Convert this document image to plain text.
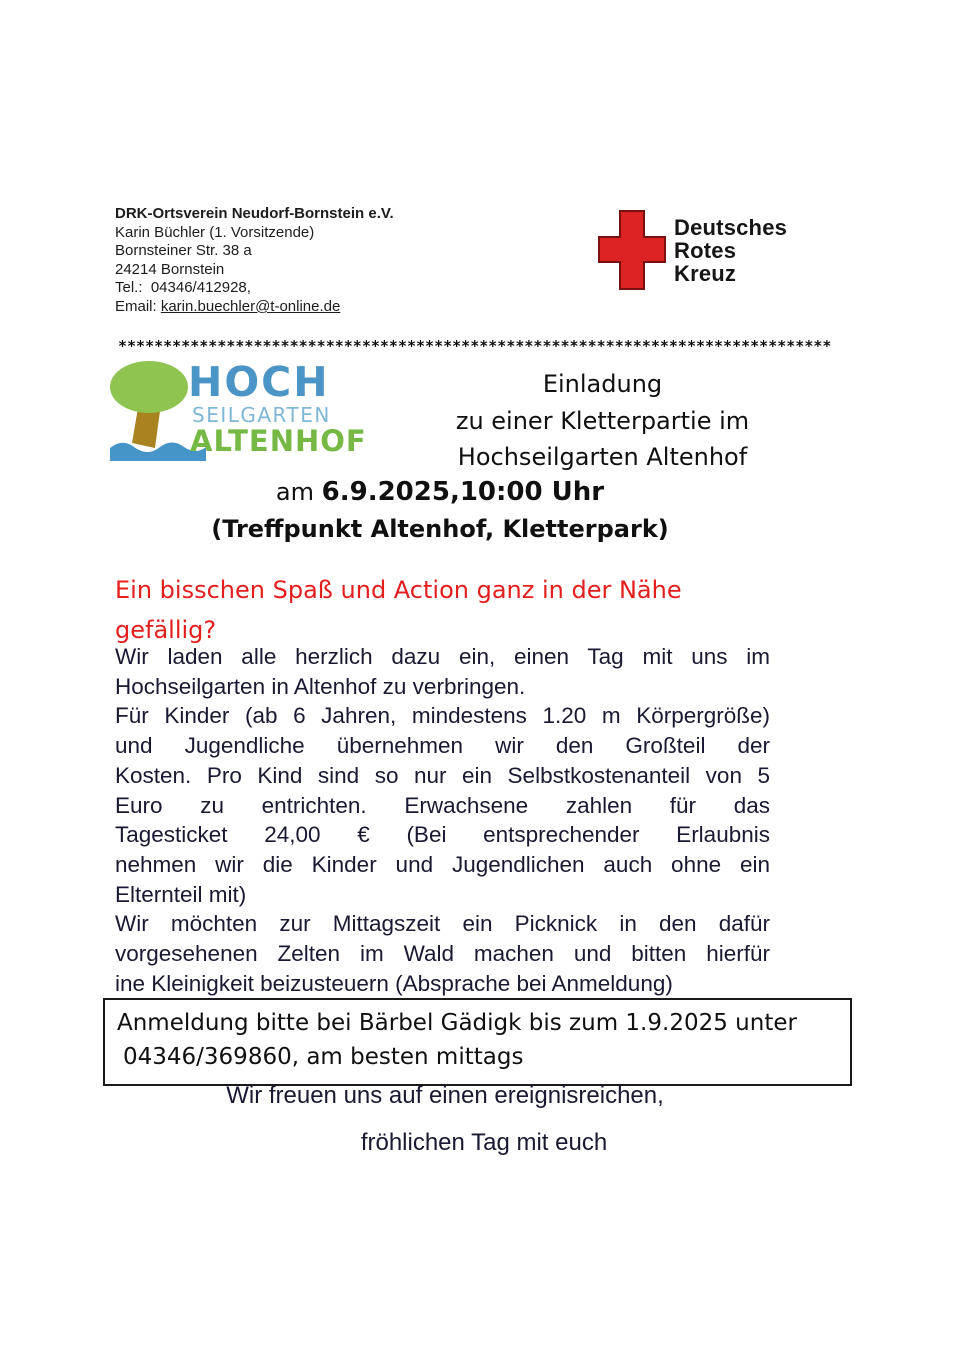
DRK-Ortsverein Neudorf-Bornstein e.V.
Karin Büchler (1. Vorsitzende)
Bornsteiner Str. 38 a
24214 Bornstein
Tel.:  04346/412928,
Email: karin.buechler@t-online.de
Deutsches
Rotes
Kreuz
*******************************************************************************
HOCH
SEILGARTEN
ALTENHOF
Einladung
zu einer Kletterpartie im
Hochseilgarten Altenhof
am 6.9.2025,10:00 Uhr
(Treffpunkt Altenhof, Kletterpark)
Ein bisschen Spaß und Action ganz in der Nähe
gefällig?
Wir laden alle herzlich dazu ein, einen Tag mit uns im
Hochseilgarten in Altenhof zu verbringen.
Für Kinder (ab 6 Jahren, mindestens 1.20 m Körpergröße)
und Jugendliche übernehmen wir den Großteil der
Kosten. Pro Kind sind so nur ein Selbstkostenanteil von 5
Euro zu entrichten. Erwachsene zahlen für das
Tagesticket 24,00 € (Bei entsprechender Erlaubnis
nehmen wir die Kinder und Jugendlichen auch ohne ein
Elternteil mit)
Wir möchten zur Mittagszeit ein Picknick in den dafür
vorgesehenen Zelten im Wald machen und bitten hierfür
ine Kleinigkeit beizusteuern (Absprache bei Anmeldung)
Anmeldung bitte bei Bärbel Gädigk bis zum 1.9.2025 unter
04346/369860, am besten mittags
Wir freuen uns auf einen ereignisreichen,
fröhlichen Tag mit euch
